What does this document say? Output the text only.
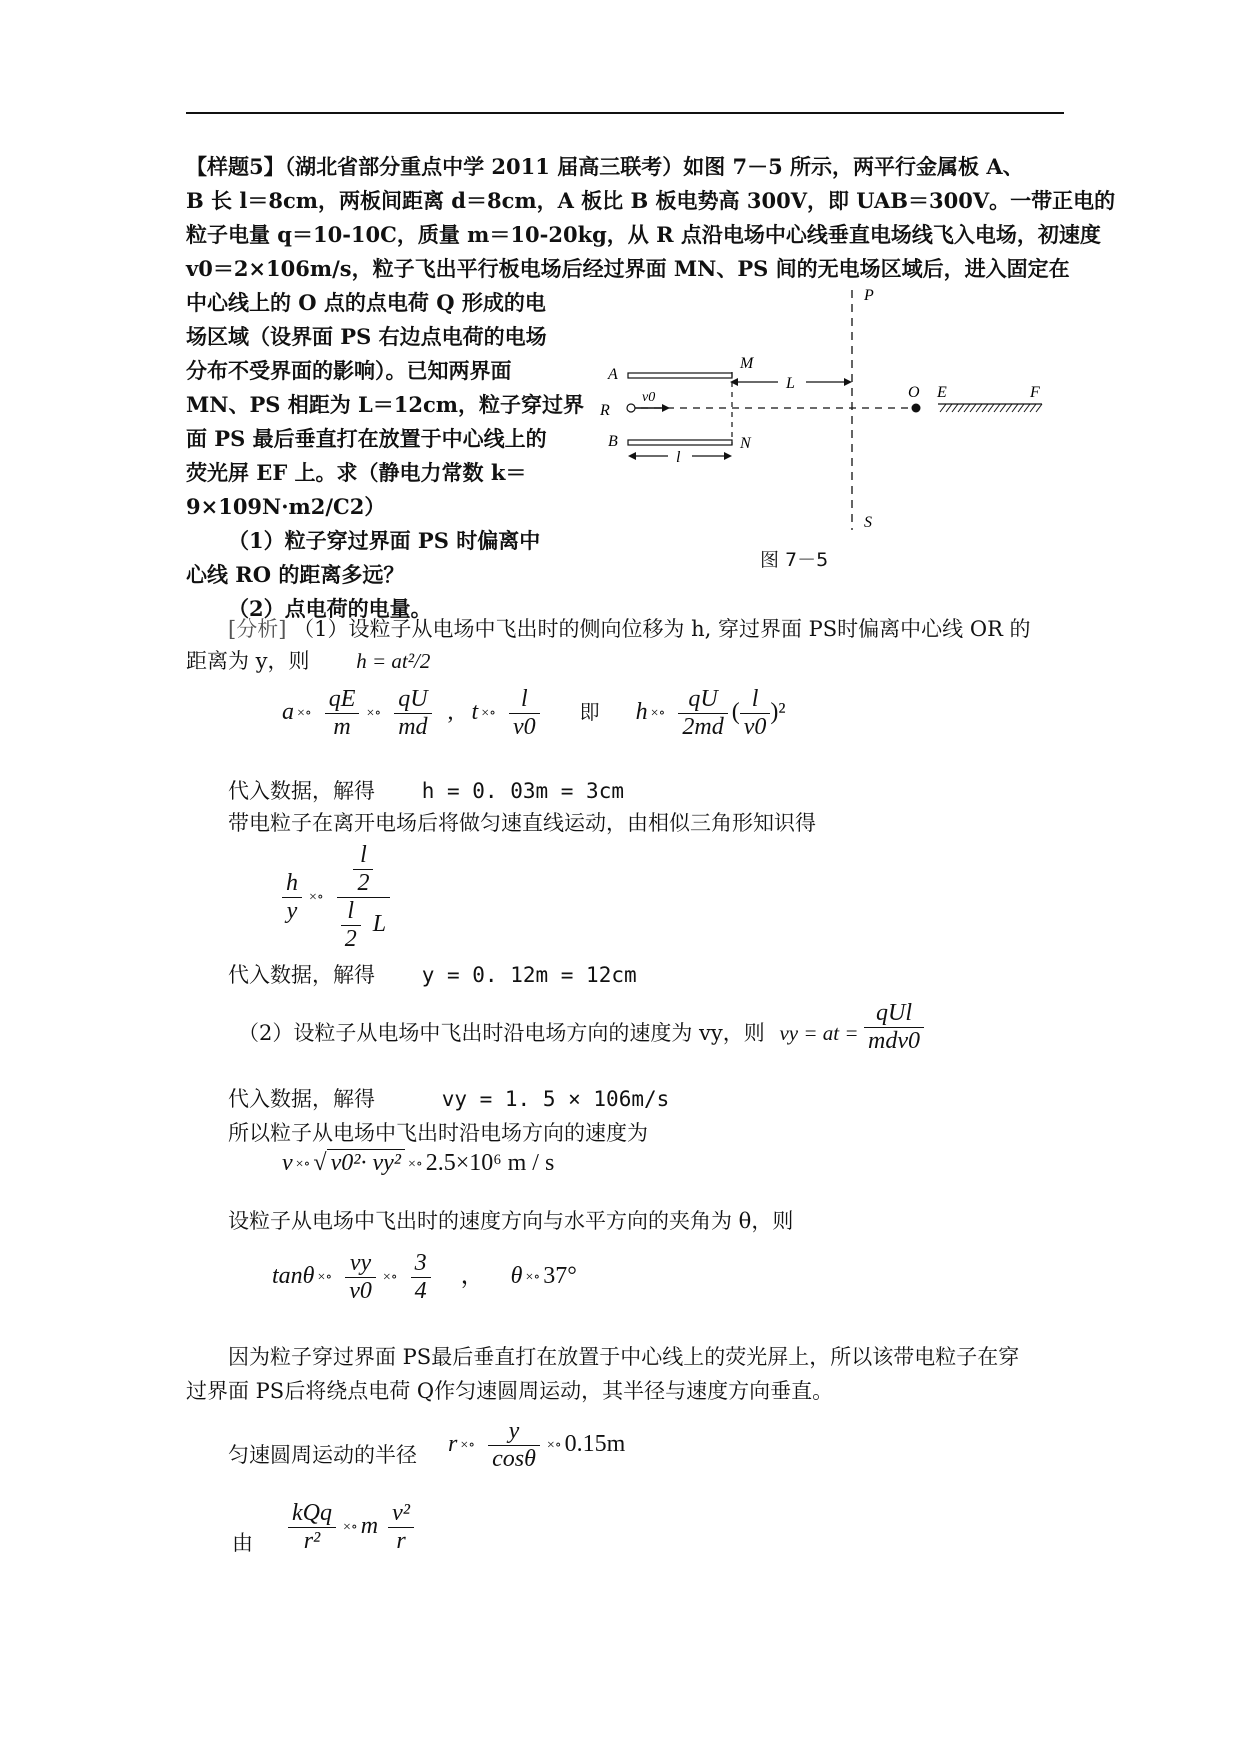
【样题5】（湖北省部分重点中学 2011 届高三联考）如图 7－5 所示，两平行金属板 A、
B 长 l＝8cm，两板间距离 d＝8cm，A 板比 B 板电势高 300V，即 UAB＝300V。一带正电的
粒子电量 q＝10-10C，质量 m＝10-20kg，从 R 点沿电场中心线垂直电场线飞入电场，初速度
v0＝2×106m/s，粒子飞出平行板电场后经过界面 MN、PS 间的无电场区域后，进入固定在
中心线上的 O 点的点电荷 Q 形成的电
场区域（设界面 PS 右边点电荷的电场
分布不受界面的影响）。已知两界面
MN、PS 相距为 L＝12cm，粒子穿过界
面 PS 最后垂直打在放置于中心线上的
荧光屏 EF 上。求（静电力常数 k＝
9×109N·m2/C2）
（1）粒子穿过界面 PS 时偏离中
心线 RO 的距离多远？
（2）点电荷的电量。
P
S
M
N
A
B
R
v0	O E	F
L
l
图 7－5
[分析] （1）设粒子从电场中飞出时的侧向位移为 h, 穿过界面 PS时偏离中心线 OR 的
距离为 y，则 h = at²/2
a ×∘ $\frac{qE}{m}$ ×∘ $\frac{qU}{md}$ ,   t ×∘ $\frac{l}{v0}$ 即 h ×∘ $\frac{qU}{2md}$ ( $\frac{l}{v0} )^2$
代入数据，解得 h = 0. 03m = 3cm
带电粒子在离开电场后将做匀速直线运动，由相似三角形知识得
$\frac{h}{y}$ ×∘ $\frac{\frac{l}{2}}{\frac{l}{2} L}$
代入数据，解得 y = 0. 12m = 12cm
（2）设粒子从电场中飞出时沿电场方向的速度为 vy，则 vy = at = $\frac{\text{qUl}}{\text{mdv0}}$
代入数据，解得	vy = 1. 5 × 106m/s
所以粒子从电场中飞出时沿电场方向的速度为
v ×∘ √ v0²· vy² ×∘ 2.5×10⁶ m / s
设粒子从电场中飞出时的速度方向与水平方向的夹角为 θ，则
tanθ ×∘ $\frac{vy}{v0}$ ×∘ $\frac{3}{4}$ ， θ ×∘ 37°
因为粒子穿过界面 PS最后垂直打在放置于中心线上的荧光屏上，所以该带电粒子在穿
过界面 PS后将绕点电荷 Q作匀速圆周运动，其半径与速度方向垂直。
匀速圆周运动的半径 r ×∘ $\frac{y}{\cos\theta}$ ×∘ 0.15m
由 $\frac{\text{kQq}}{\text{r²}}$ ×∘ m $\frac{\text{v²}}{r}$
